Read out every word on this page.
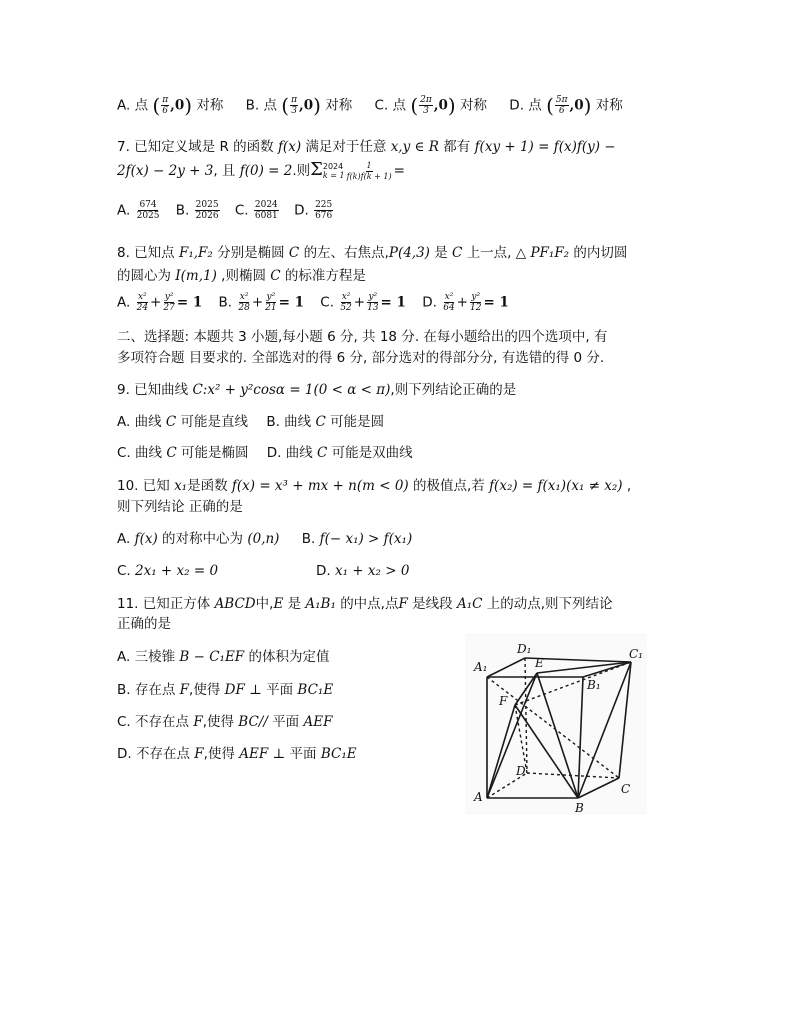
A. 点 ( $\frac{\pi}{6} ,0$) 对称 B. 点 ( $\frac{\pi}{3} ,0$) 对称 C. 点 ( $\frac{2\pi}{3} ,0$) 对称 D. 点 ( $\frac{5\pi}{6} ,0$) 对称
7. 已知定义域是 R 的函数 f(x) 满足对于任意 x,y ∈ R 都有 f(xy + 1) = f(x)f(y) −
2f(x) − 2y + 3, 且 f(0) = 2.则Σ 2024
$k = 1 \frac{1}{f(k)f(k + 1)}$ =
A. $\frac{674}{2025} B$. $\frac{2025}{2026} C$. $\frac{2024}{6081} D$. $\frac{225}{676}$
8. 已知点 F₁,F₂ 分别是椭圆 C 的左、右焦点,P(4,3) 是 C 上一点, △ PF₁F₂ 的内切圆
的圆心为 I(m,1) ,则椭圆 C 的标准方程是
A. $\frac{\text{x²}}{24} + \frac{\text{y²}}{27} = 1$ B. $\frac{\text{x²}}{28} + \frac{\text{y²}}{21} = 1$ C. $\frac{\text{x²}}{52} + \frac{\text{y²}}{13} = 1$ D. $\frac{\text{x²}}{64} + \frac{\text{y²}}{12} = 1$
二、选择题: 本题共 3 小题,每小题 6 分, 共 18 分. 在每小题给出的四个选项中, 有
多项符合题 目要求的. 全部选对的得 6 分, 部分选对的得部分分, 有选错的得 0 分.
9. 已知曲线 C:x² + y²cosα = 1(0 < α < π),则下列结论正确的是
A. 曲线 C 可能是直线 B. 曲线 C 可能是圆
C. 曲线 C 可能是椭圆 D. 曲线 C 可能是双曲线
10. 已知 x₁是函数 f(x) = x³ + mx + n(m < 0) 的极值点,若 f(x₂) = f(x₁)(x₁ ≠ x₂) ,
则下列结论 正确的是
A. f(x) 的对称中心为 (0,n) B. f(− x₁) > f(x₁)
C. 2x₁ + x₂ = 0	D. x₁ + x₂ > 0
11. 已知正方体 ABCD中,E 是 A₁B₁ 的中点,点F 是线段 A₁C 上的动点,则下列结论
正确的是
A. 三棱锥 B − C₁EF 的体积为定值
B. 存在点 F,使得 DF ⊥ 平面 BC₁E
C. 不存在点 F,使得 BC// 平面 AEF
D. 不存在点 F,使得 AEF ⊥ 平面 BC₁E
A₁
D₁
E
C₁
B₁
F
D
A
B
C
